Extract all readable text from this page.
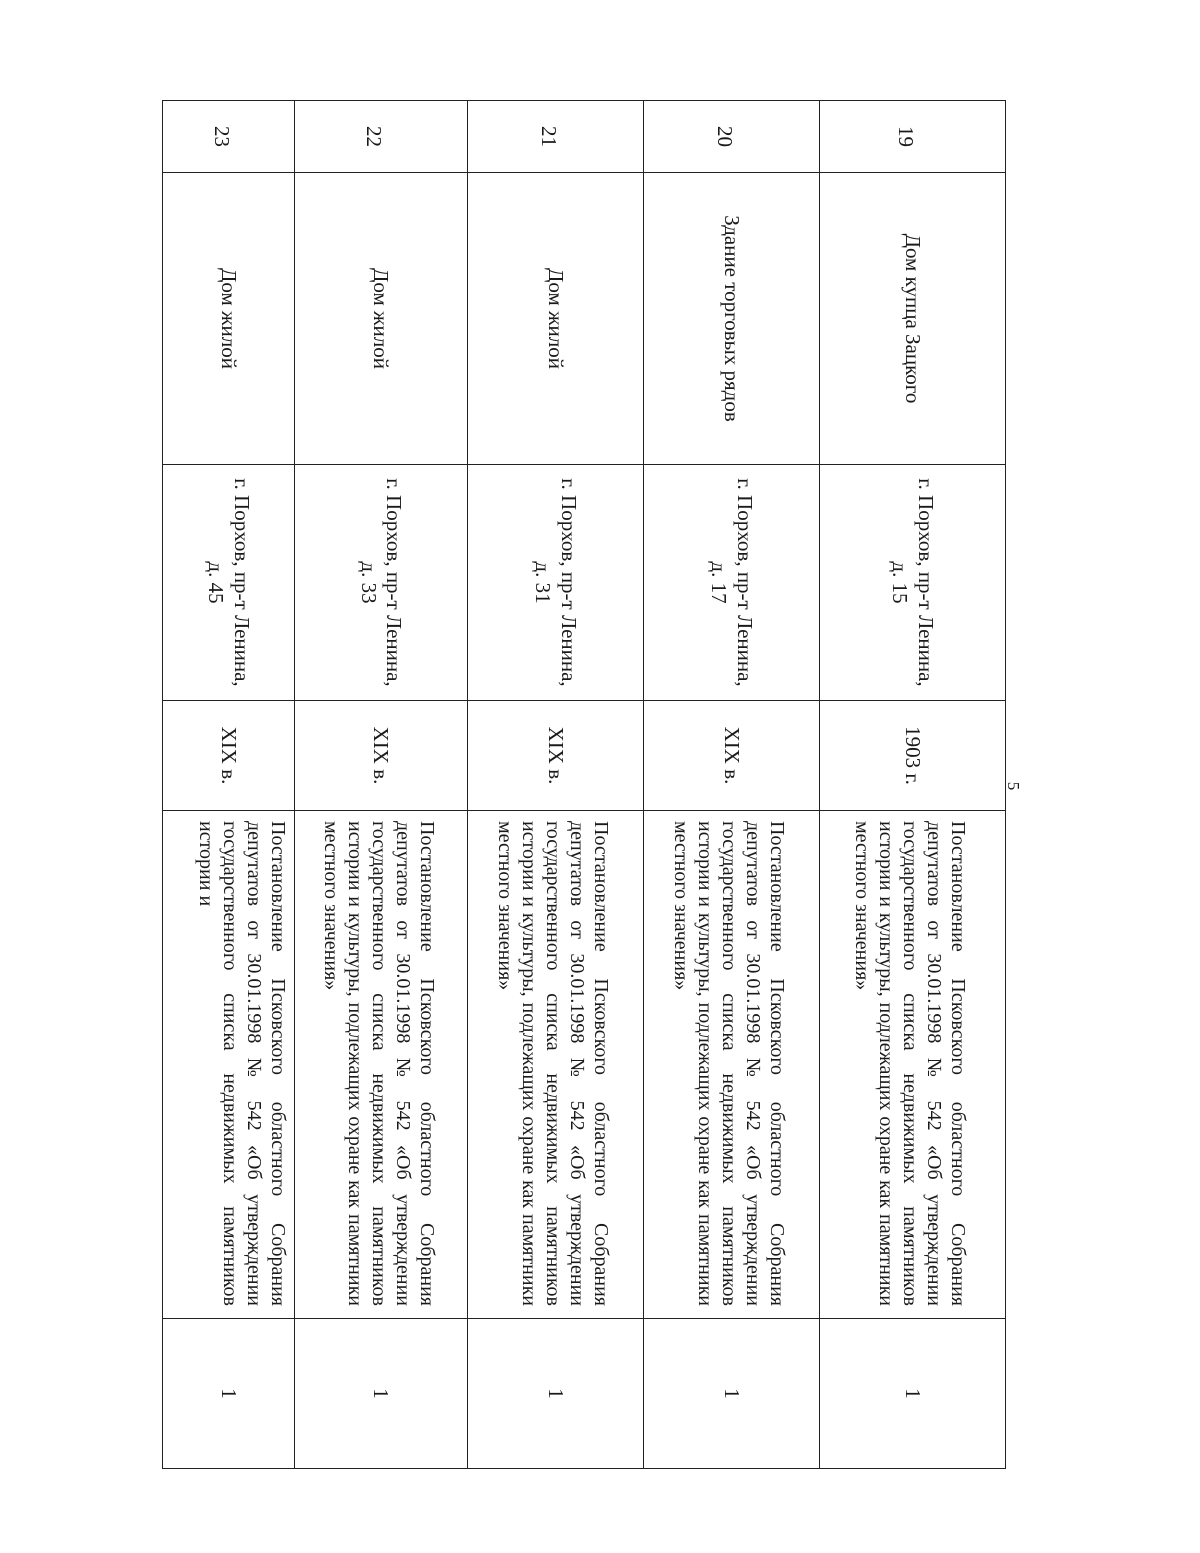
5
19	Дом купца Зацкого	г. Порхов, пр-т Ленина, д. 15	1903 г.	Постановление Псковского областного Собрания депутатов от 30.01.1998 № 542 «Об утверждении государственного списка недвижимых памятников истории и культуры, подлежащих охране как памятники местного значения»	1
20	Здание торговых рядов	г. Порхов, пр-т Ленина, д. 17	XIX в.	Постановление Псковского областного Собрания депутатов от 30.01.1998 № 542 «Об утверждении государственного списка недвижимых памятников истории и культуры, подлежащих охране как памятники местного значения»	1
21	Дом жилой	г. Порхов, пр-т Ленина, д. 31	XIX в.	Постановление Псковского областного Собрания депутатов от 30.01.1998 № 542 «Об утверждении государственного списка недвижимых памятников истории и культуры, подлежащих охране как памятники местного значения»	1
22	Дом жилой	г. Порхов, пр-т Ленина, д. 33	XIX в.	Постановление Псковского областного Собрания депутатов от 30.01.1998 № 542 «Об утверждении государственного списка недвижимых памятников истории и культуры, подлежащих охране как памятники местного значения»	1
23	Дом жилой	г. Порхов, пр-т Ленина, д. 45	XIX в.	Постановление Псковского областного Собрания депутатов от 30.01.1998 № 542 «Об утверждении государственного списка недвижимых памятников истории и	1
